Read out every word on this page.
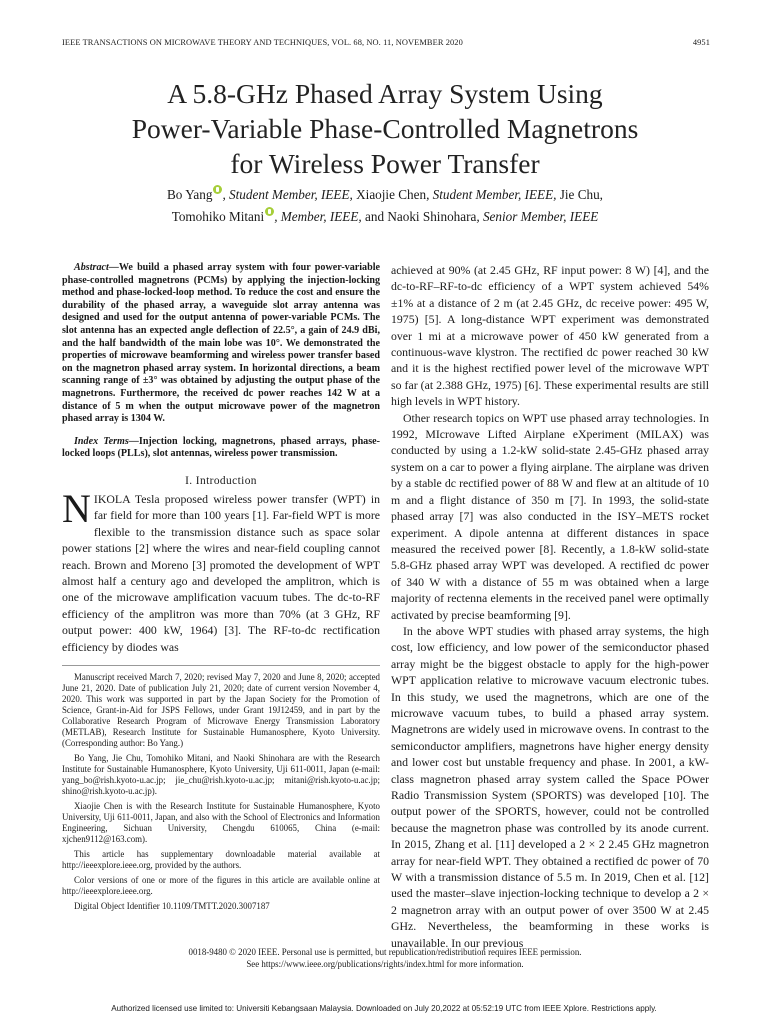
IEEE TRANSACTIONS ON MICROWAVE THEORY AND TECHNIQUES, VOL. 68, NO. 11, NOVEMBER 2020	4951
A 5.8-GHz Phased Array System Using
Power-Variable Phase-Controlled Magnetrons
for Wireless Power Transfer
Bo Yang , Student Member, IEEE, Xiaojie Chen, Student Member, IEEE, Jie Chu,
Tomohiko Mitani , Member, IEEE, and Naoki Shinohara, Senior Member, IEEE

Abstract—We build a phased array system with four power-variable phase-controlled magnetrons (PCMs) by applying the injection-locking method and phase-locked-loop method. To reduce the cost and ensure the durability of the phased array, a waveguide slot array antenna was designed and used for the output antenna of power-variable PCMs. The slot antenna has an expected angle deflection of 22.5°, a gain of 24.9 dBi, and the half bandwidth of the main lobe was 10°. We demonstrated the properties of microwave beamforming and wireless power transfer based on the magnetron phased array system. In horizontal directions, a beam scanning range of ±3° was obtained by adjusting the output phase of the magnetrons. Furthermore, the received dc power reaches 142 W at a distance of 5 m when the output microwave power of the magnetron phased array is 1304 W.

Index Terms—Injection locking, magnetrons, phased arrays, phase-locked loops (PLLs), slot antennas, wireless power transmission.

I. Introduction

NIKOLA Tesla proposed wireless power transfer (WPT) in far field for more than 100 years [1]. Far-field WPT is more flexible to the transmission distance such as space solar power stations [2] where the wires and near-field coupling cannot reach. Brown and Moreno [3] promoted the development of WPT almost half a century ago and developed the amplitron, which is one of the microwave amplification vacuum tubes. The dc-to-RF efficiency of the amplitron was more than 70% (at 3 GHz, RF output power: 400 kW, 1964) [3]. The RF-to-dc rectification efficiency by diodes was

Manuscript received March 7, 2020; revised May 7, 2020 and June 8, 2020; accepted June 21, 2020. Date of publication July 21, 2020; date of current version November 4, 2020. This work was supported in part by the Japan Society for the Promotion of Science, Grant-in-Aid for JSPS Fellows, under Grant 19J12459, and in part by the Collaborative Research Program of Microwave Energy Transmission Laboratory (METLAB), Research Institute for Sustainable Humanosphere, Kyoto University. (Corresponding author: Bo Yang.)

Bo Yang, Jie Chu, Tomohiko Mitani, and Naoki Shinohara are with the Research Institute for Sustainable Humanosphere, Kyoto University, Uji 611-0011, Japan (e-mail: yang_bo@rish.kyoto-u.ac.jp; jie_chu@rish.kyoto-u.ac.jp; mitani@rish.kyoto-u.ac.jp; shino@rish.kyoto-u.ac.jp).

Xiaojie Chen is with the Research Institute for Sustainable Humanosphere, Kyoto University, Uji 611-0011, Japan, and also with the School of Electronics and Information Engineering, Sichuan University, Chengdu 610065, China (e-mail: xjchen9112@163.com).

This article has supplementary downloadable material available at http://ieeexplore.ieee.org, provided by the authors.

Color versions of one or more of the figures in this article are available online at http://ieeexplore.ieee.org.

Digital Object Identifier 10.1109/TMTT.2020.3007187

achieved at 90% (at 2.45 GHz, RF input power: 8 W) [4], and the dc-to-RF–RF-to-dc efficiency of a WPT system achieved 54% ±1% at a distance of 2 m (at 2.45 GHz, dc receive power: 495 W, 1975) [5]. A long-distance WPT experiment was demonstrated over 1 mi at a microwave power of 450 kW generated from a continuous-wave klystron. The rectified dc power reached 30 kW and it is the highest rectified power level of the microwave WPT so far (at 2.388 GHz, 1975) [6]. These experimental results are still high levels in WPT history.

Other research topics on WPT use phased array technologies. In 1992, MIcrowave Lifted Airplane eXperiment (MILAX) was conducted by using a 1.2-kW solid-state 2.45-GHz phased array system on a car to power a flying airplane. The airplane was driven by a stable dc rectified power of 88 W and flew at an altitude of 10 m and a flight distance of 350 m [7]. In 1993, the solid-state phased array [7] was also conducted in the ISY–METS rocket experiment. A dipole antenna at different distances in space measured the received power [8]. Recently, a 1.8-kW solid-state 5.8-GHz phased array WPT was developed. A rectified dc power of 340 W with a distance of 55 m was obtained when a large majority of rectenna elements in the received panel were optimally activated by precise beamforming [9].

In the above WPT studies with phased array systems, the high cost, low efficiency, and low power of the semiconductor phased array might be the biggest obstacle to apply for the high-power WPT application relative to microwave vacuum electronic tubes. In this study, we used the magnetrons, which are one of the microwave vacuum tubes, to build a phased array system. Magnetrons are widely used in microwave ovens. In contrast to the semiconductor amplifiers, magnetrons have higher energy density and lower cost but unstable frequency and phase. In 2001, a kW-class magnetron phased array system called the Space POwer Radio Transmission System (SPORTS) was developed [10]. The output power of the SPORTS, however, could not be controlled because the magnetron phase was controlled by its anode current. In 2015, Zhang et al. [11] developed a 2 × 2 2.45 GHz magnetron array for near-field WPT. They obtained a rectified dc power of 70 W with a transmission distance of 5.5 m. In 2019, Chen et al. [12] used the master–slave injection-locking technique to develop a 2 × 2 magnetron array with an output power of over 3500 W at 2.45 GHz. Nevertheless, the beamforming in these works is unavailable. In our previous

0018-9480 © 2020 IEEE. Personal use is permitted, but republication/redistribution requires IEEE permission.
See https://www.ieee.org/publications/rights/index.html for more information.
Authorized licensed use limited to: Universiti Kebangsaan Malaysia. Downloaded on July 20,2022 at 05:52:19 UTC from IEEE Xplore. Restrictions apply.
